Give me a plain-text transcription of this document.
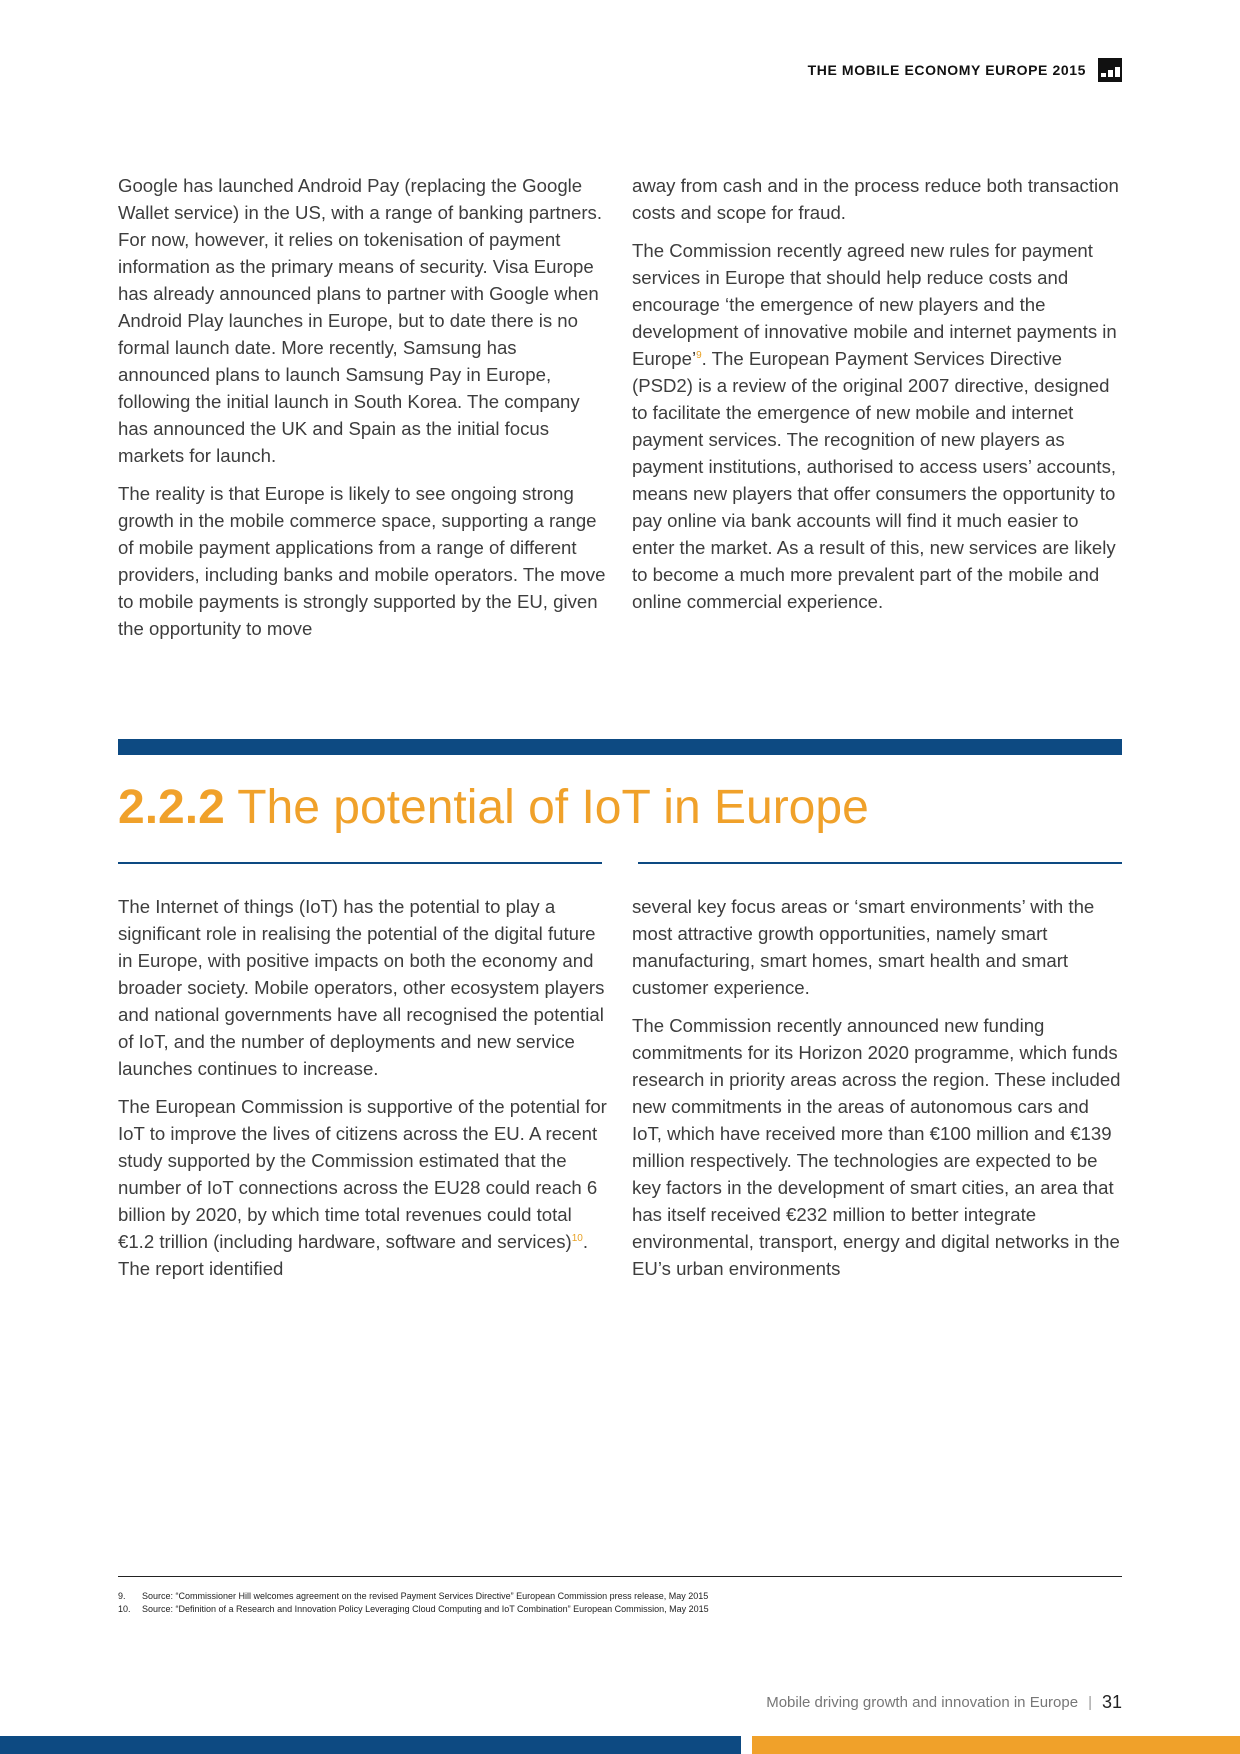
THE MOBILE ECONOMY EUROPE 2015

Google has launched Android Pay (replacing the Google Wallet service) in the US, with a range of banking partners. For now, however, it relies on tokenisation of payment information as the primary means of security. Visa Europe has already announced plans to partner with Google when Android Play launches in Europe, but to date there is no formal launch date. More recently, Samsung has announced plans to launch Samsung Pay in Europe, following the initial launch in South Korea. The company has announced the UK and Spain as the initial focus markets for launch.

The reality is that Europe is likely to see ongoing strong growth in the mobile commerce space, supporting a range of mobile payment applications from a range of different providers, including banks and mobile operators. The move to mobile payments is strongly supported by the EU, given the opportunity to move

away from cash and in the process reduce both transaction costs and scope for fraud.

The Commission recently agreed new rules for payment services in Europe that should help reduce costs and encourage ‘the emergence of new players and the development of innovative mobile and internet payments in Europe’$^9$. The European Payment Services Directive (PSD2) is a review of the original 2007 directive, designed to facilitate the emergence of new mobile and internet payment services. The recognition of new players as payment institutions, authorised to access users’ accounts, means new players that offer consumers the opportunity to pay online via bank accounts will find it much easier to enter the market. As a result of this, new services are likely to become a much more prevalent part of the mobile and online commercial experience.

2.2.2 The potential of IoT in Europe

The Internet of things (IoT) has the potential to play a significant role in realising the potential of the digital future in Europe, with positive impacts on both the economy and broader society. Mobile operators, other ecosystem players and national governments have all recognised the potential of IoT, and the number of deployments and new service launches continues to increase.

The European Commission is supportive of the potential for IoT to improve the lives of citizens across the EU. A recent study supported by the Commission estimated that the number of IoT connections across the EU28 could reach 6 billion by 2020, by which time total revenues could total €1.2 trillion (including hardware, software and services)$^{10}$. The report identified

several key focus areas or ‘smart environments’ with the most attractive growth opportunities, namely smart manufacturing, smart homes, smart health and smart customer experience.

The Commission recently announced new funding commitments for its Horizon 2020 programme, which funds research in priority areas across the region. These included new commitments in the areas of autonomous cars and IoT, which have received more than €100 million and €139 million respectively. The technologies are expected to be key factors in the development of smart cities, an area that has itself received €232 million to better integrate environmental, transport, energy and digital networks in the EU’s urban environments

9.	Source: “Commissioner Hill welcomes agreement on the revised Payment Services Directive” European Commission press release, May 2015
10.	Source: “Definition of a Research and Innovation Policy Leveraging Cloud Computing and IoT Combination” European Commission, May 2015
Mobile driving growth and innovation in Europe | 31
